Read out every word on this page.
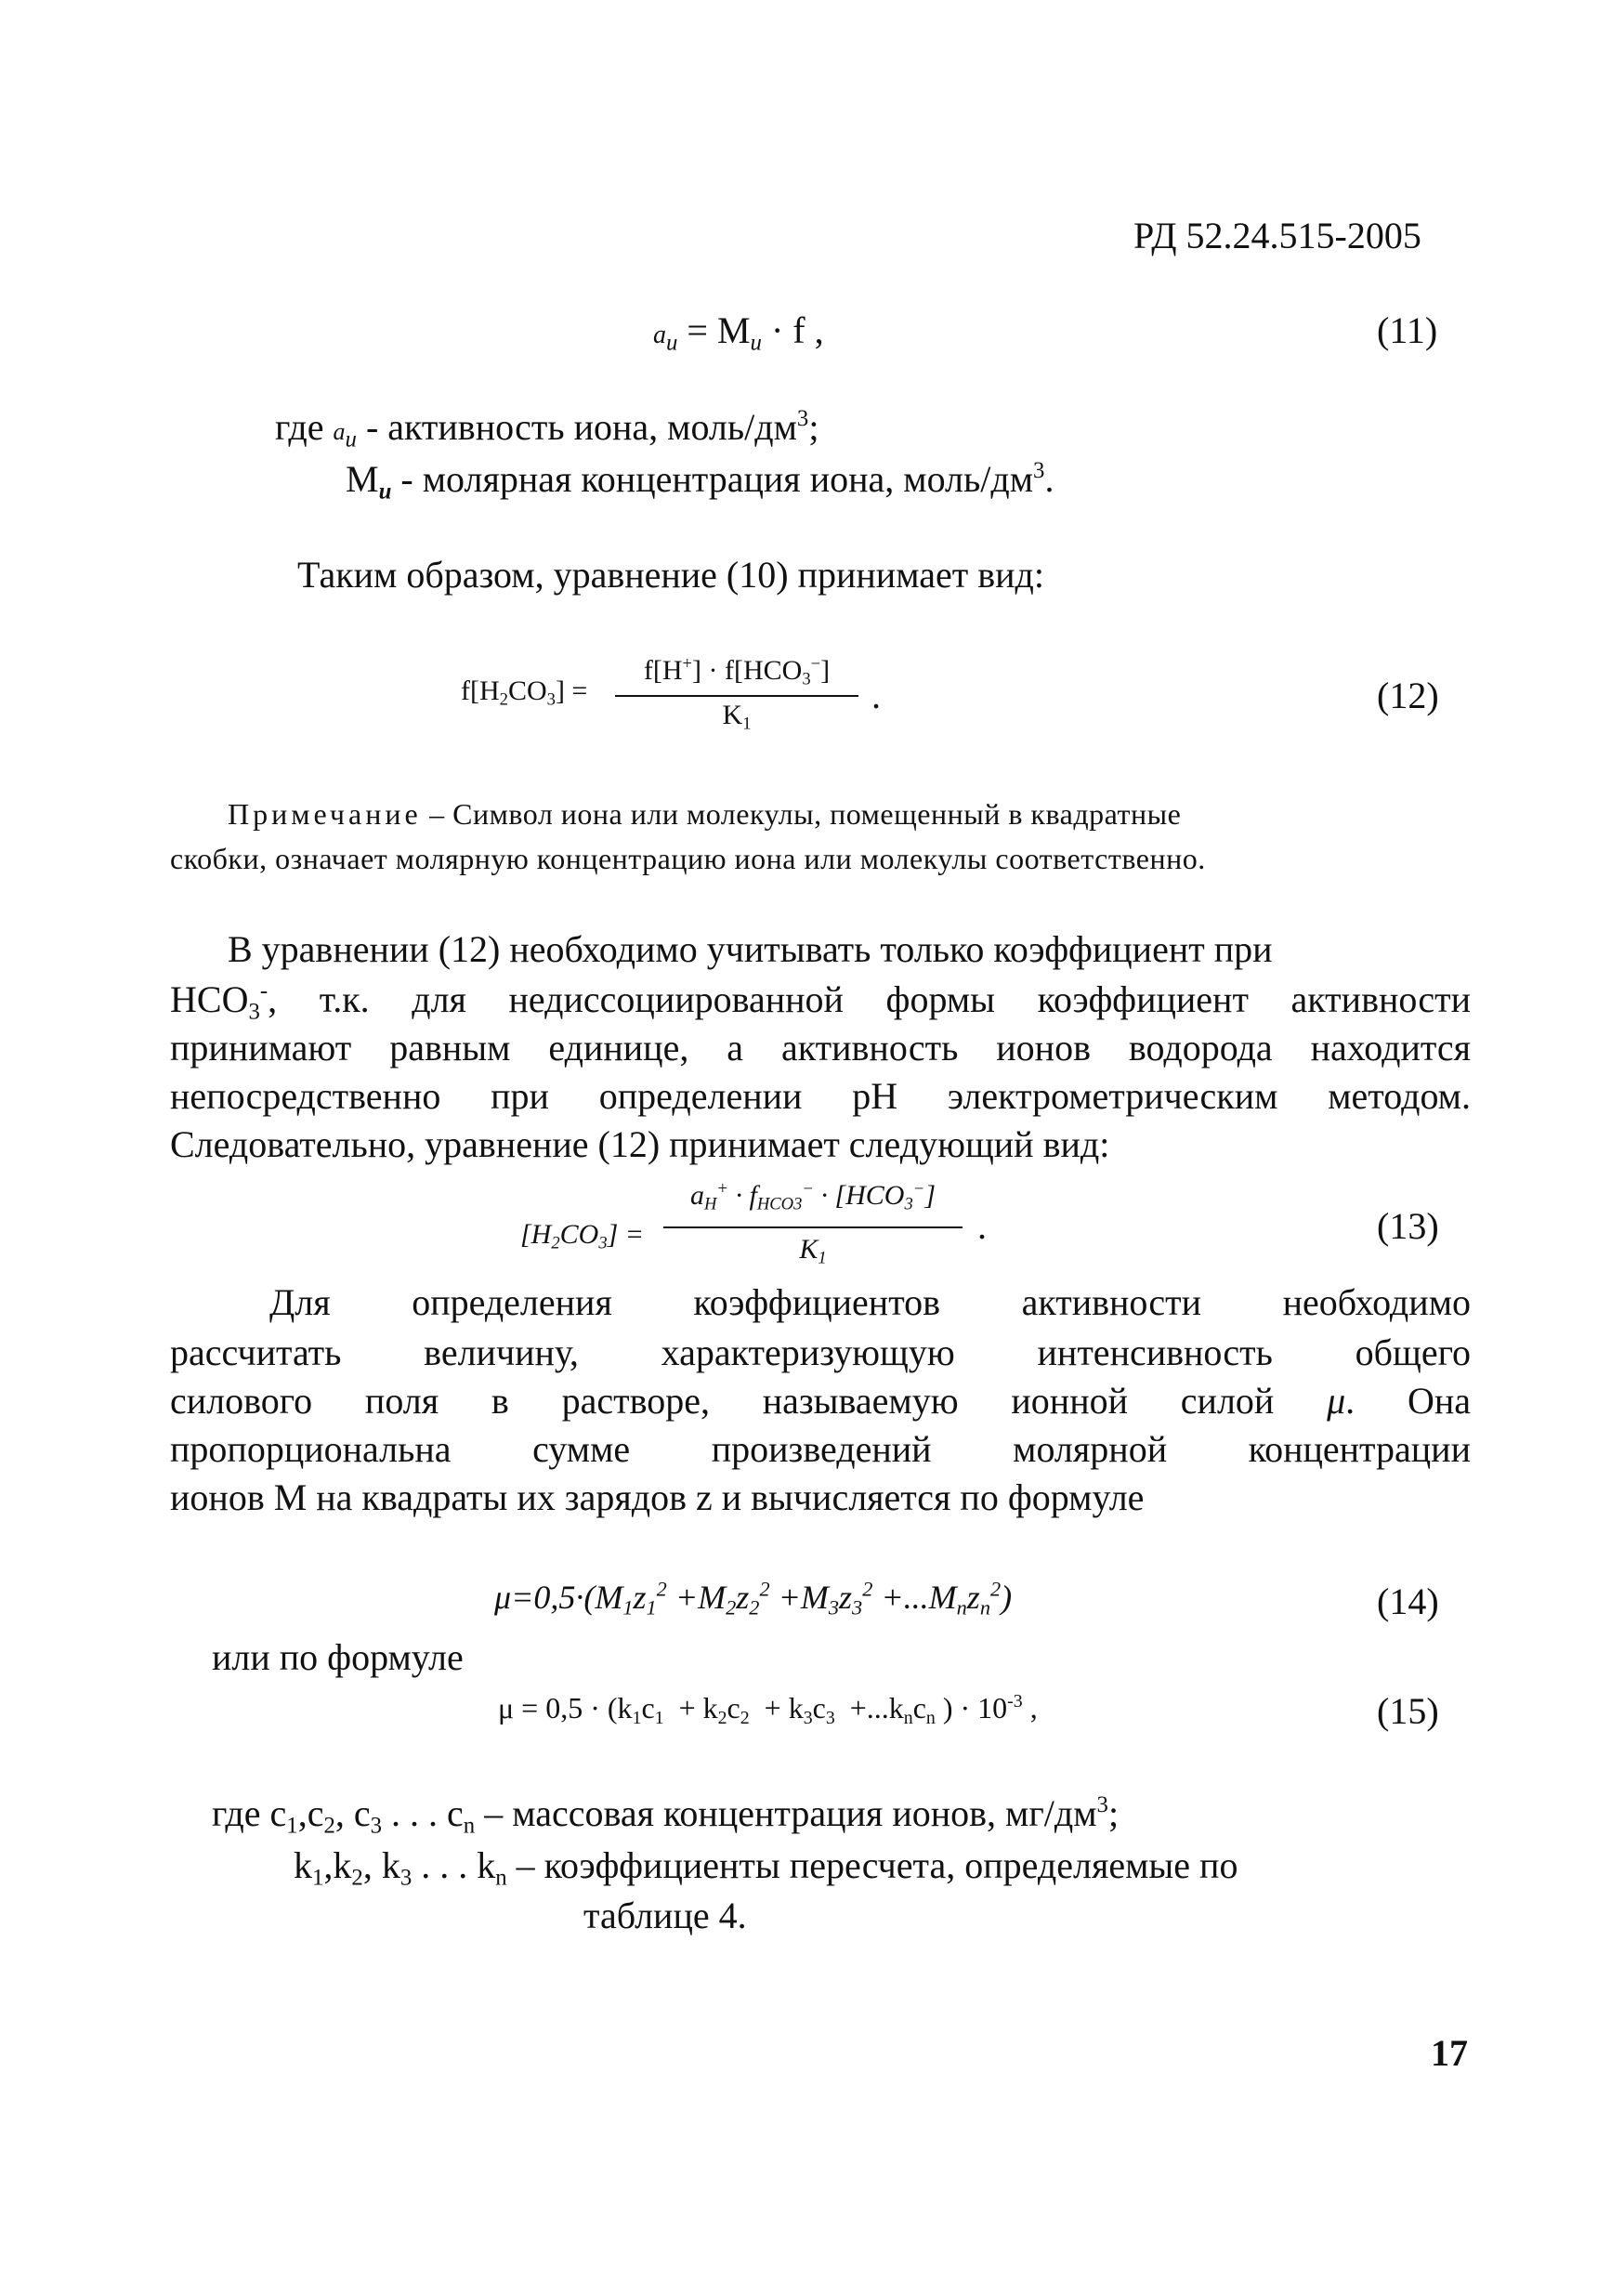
РД 52.24.515-2005
$a_и = M_и \cdot f$ ,	(11)
где $a_и$ - активность иона, моль/$дм^3$;
$M_и$ - молярная концентрация иона, моль/$дм^3$.
Таким образом, уравнение (10) принимает вид:
$f[H_2CO_3]$ =
$f[H^+] \cdot f[HCO_3^-]$
$K_1$
.	(12)
Примечание – Символ иона или молекулы, помещенный в квадратные
скобки, означает молярную концентрацию иона или молекулы соответственно.
В уравнении (12) необходимо учитывать только коэффициент при
$HCO_3^-$, т.к. для недиссоциированной формы коэффициент активности
принимают равным единице, а активность ионов водорода находится
непосредственно при определении pH электрометрическим методом.
Следовательно, уравнение (12) принимает следующий вид:
$[H_2CO_3]$ =
$a_H^+ \cdot f_{HCO3}^- \cdot [HCO_3^-]$
$K_1$
.	(13)
Для определения коэффициентов активности необходимо
рассчитать величину, характеризующую интенсивность общего
силового поля в растворе, называемую ионной силой μ. Она
пропорциональна сумме произведений молярной концентрации
ионов M на квадраты их зарядов z и вычисляется по формуле
$\mu=0,5\cdot(M_1z_1^2 +M_2z_2^2 +M_3z_3^2 +...M_nz_n^2)$	(14)
или по формуле
$\mu = 0,5 \cdot (k_1c_1 + k_2c_2 + k_3c_3 +...k_nc_n$ ) · $10^{-3}$ ,	(15)
где $c_1,c_2$, $c_3$ . . . $c_n$ – массовая концентрация ионов, $мг/дм^3$;
$k_1,k_2$, $k_3$ . . . $k_n$ – коэффициенты пересчета, определяемые по
таблице 4.
17
